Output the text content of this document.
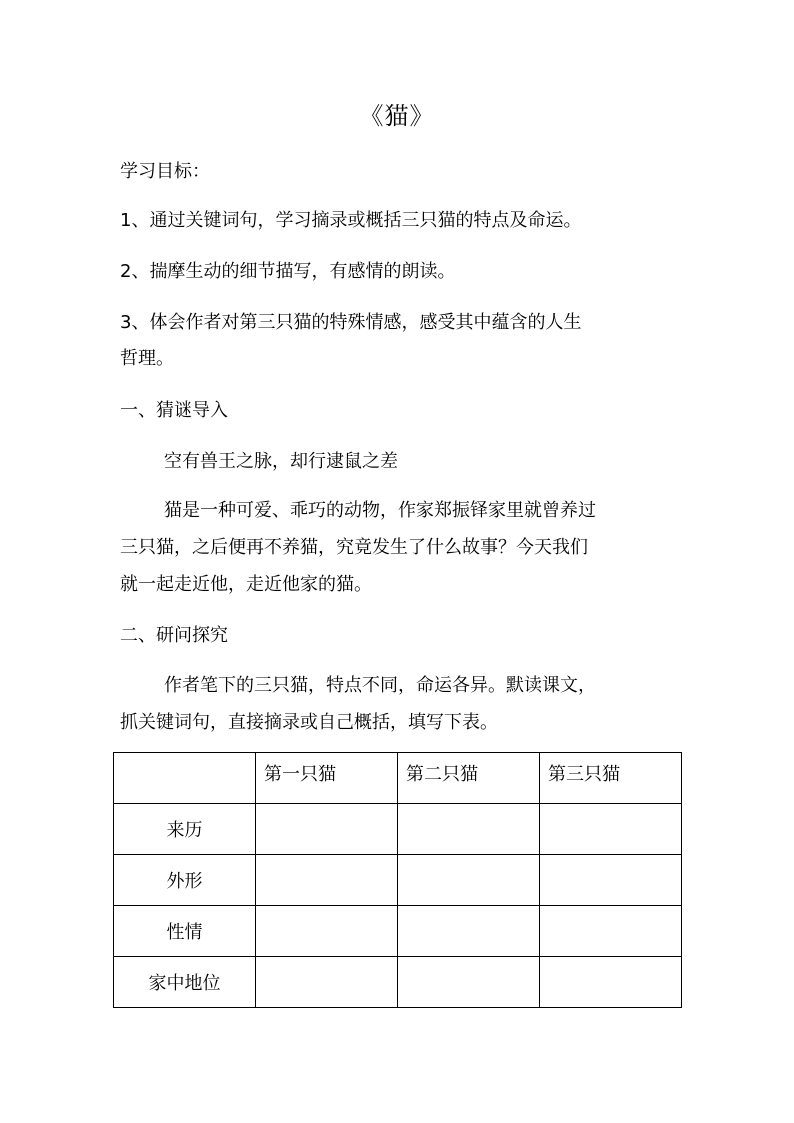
《猫》
学习目标：
1、通过关键词句，学习摘录或概括三只猫的特点及命运。
2、揣摩生动的细节描写，有感情的朗读。
3、体会作者对第三只猫的特殊情感，感受其中蕴含的人生
哲理。
一、猜谜导入
空有兽王之脉，却行逮鼠之差
猫是一种可爱、乖巧的动物，作家郑振铎家里就曾养过
三只猫，之后便再不养猫，究竟发生了什么故事？今天我们
就一起走近他，走近他家的猫。
二、研问探究
作者笔下的三只猫，特点不同，命运各异。默读课文，
抓关键词句，直接摘录或自己概括，填写下表。
	第一只猫	第二只猫	第三只猫
来历			
外形			
性情			
家中地位			
